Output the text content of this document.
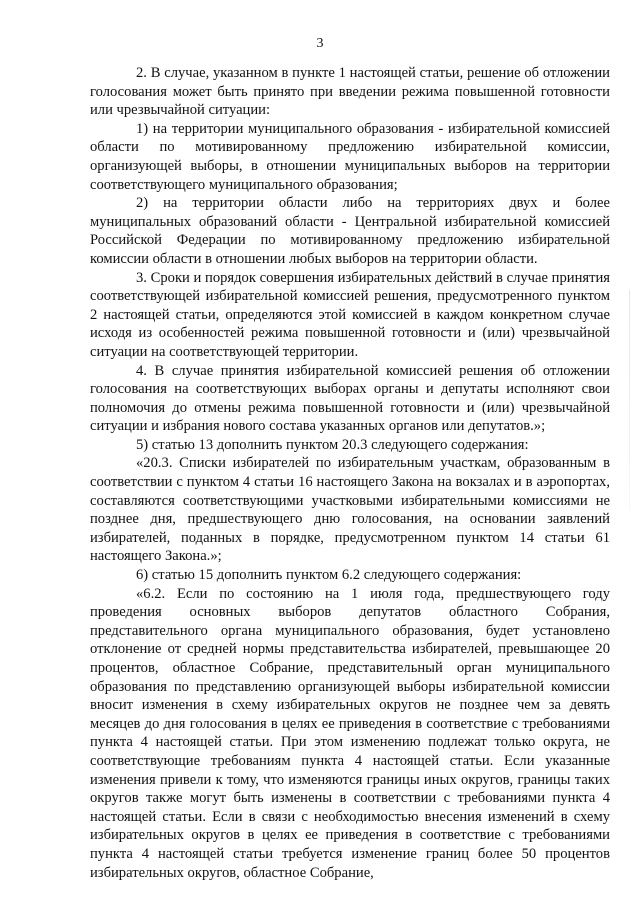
3

2. В случае, указанном в пункте 1 настоящей статьи, решение об отложении голосования может быть принято при введении режима повышенной готовности или чрезвычайной ситуации:

1) на территории муниципального образования - избирательной комиссией области по мотивированному предложению избирательной комиссии, организующей выборы, в отношении муниципальных выборов на территории соответствующего муниципального образования;

2) на территории области либо на территориях двух и более муниципальных образований области - Центральной избирательной комиссией Российской Федерации по мотивированному предложению избирательной комиссии области в отношении любых выборов на территории области.

3. Сроки и порядок совершения избирательных действий в случае принятия соответствующей избирательной комиссией решения, предусмотренного пунктом 2 настоящей статьи, определяются этой комиссией в каждом конкретном случае исходя из особенностей режима повышенной готовности и (или) чрезвычайной ситуации на соответствующей территории.

4. В случае принятия избирательной комиссией решения об отложении голосования на соответствующих выборах органы и депутаты исполняют свои полномочия до отмены режима повышенной готовности и (или) чрезвычайной ситуации и избрания нового состава указанных органов или депутатов.»;

5) статью 13 дополнить пунктом 20.3 следующего содержания:

«20.3. Списки избирателей по избирательным участкам, образованным в соответствии с пунктом 4 статьи 16 настоящего Закона на вокзалах и в аэропортах, составляются соответствующими участковыми избирательными комиссиями не позднее дня, предшествующего дню голосования, на основании заявлений избирателей, поданных в порядке, предусмотренном пунктом 14 статьи 61 настоящего Закона.»;

6) статью 15 дополнить пунктом 6.2 следующего содержания:

«6.2. Если по состоянию на 1 июля года, предшествующего году проведения основных выборов депутатов областного Собрания, представительного органа муниципального образования, будет установлено отклонение от средней нормы представительства избирателей, превышающее 20 процентов, областное Собрание, представительный орган муниципального образования по представлению организующей выборы избирательной комиссии вносит изменения в схему избирательных округов не позднее чем за девять месяцев до дня голосования в целях ее приведения в соответствие с требованиями пункта 4 настоящей статьи. При этом изменению подлежат только округа, не соответствующие требованиям пункта 4 настоящей статьи. Если указанные изменения привели к тому, что изменяются границы иных округов, границы таких округов также могут быть изменены в соответствии с требованиями пункта 4 настоящей статьи. Если в связи с необходимостью внесения изменений в схему избирательных округов в целях ее приведения в соответствие с требованиями пункта 4 настоящей статьи требуется изменение границ более 50 процентов избирательных округов, областное Собрание,
